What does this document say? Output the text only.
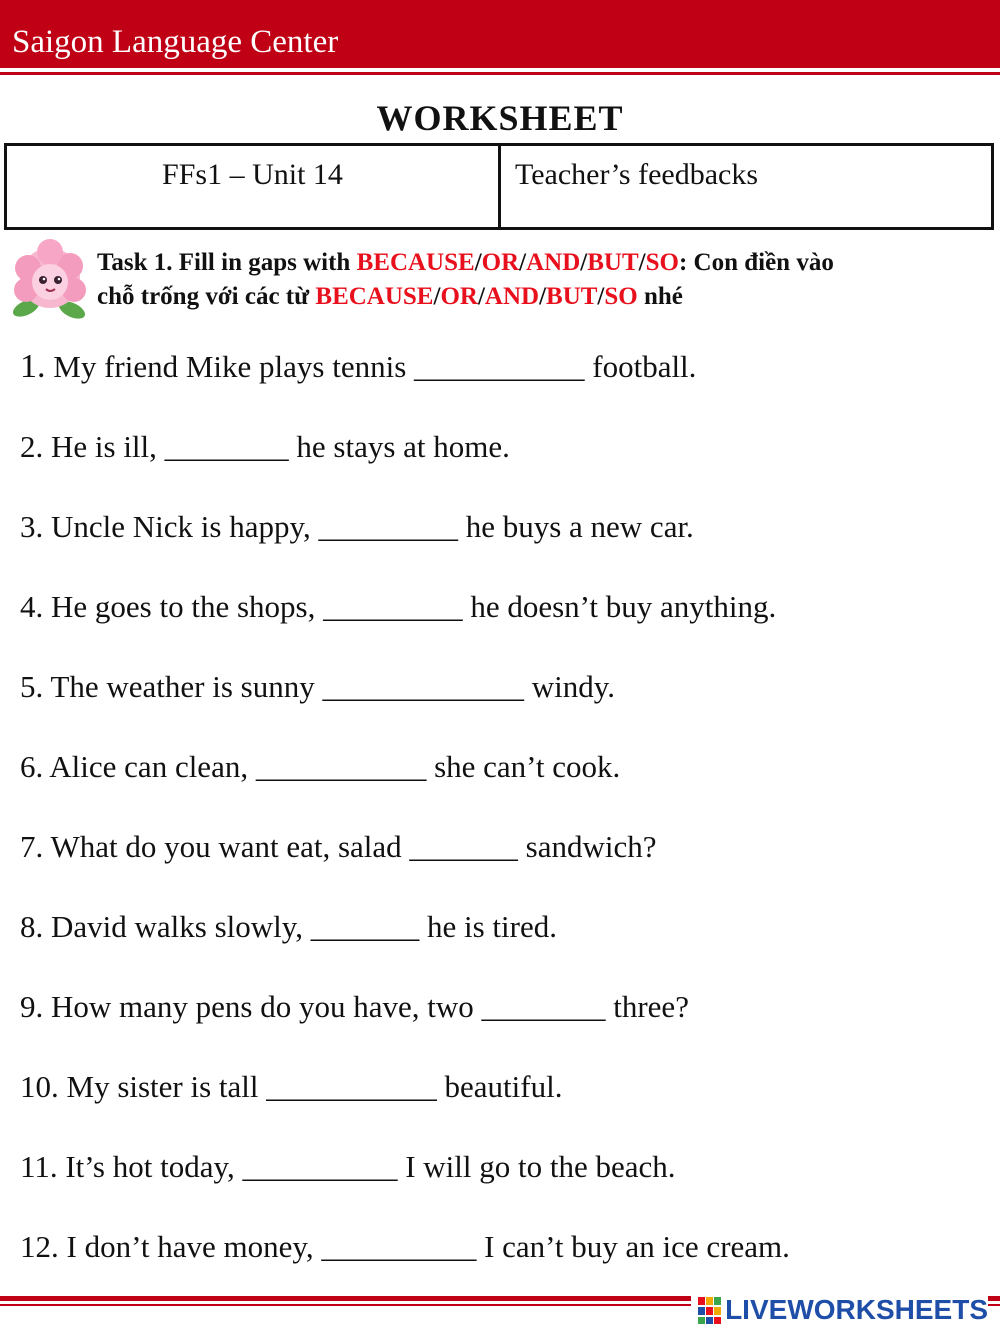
Saigon Language Center
WORKSHEET
FFs1 – Unit 14	Teacher’s feedbacks
Task 1. Fill in gaps with BECAUSE/OR/AND/BUT/SO: Con điền vào
chỗ trống với các từ BECAUSE/OR/AND/BUT/SO nhé
1. My friend Mike plays tennis ___________ football.
2. He is ill, ________ he stays at home.
3. Uncle Nick is happy, _________ he buys a new car.
4. He goes to the shops, _________ he doesn’t buy anything.
5. The weather is sunny _____________ windy.
6. Alice can clean, ___________ she can’t cook.
7. What do you want eat, salad _______ sandwich?
8. David walks slowly, _______ he is tired.
9. How many pens do you have, two ________ three?
10. My sister is tall ___________ beautiful.
11. It’s hot today, __________ I will go to the beach.
12. I don’t have money, __________ I can’t buy an ice cream.
LIVEWORKSHEETS
